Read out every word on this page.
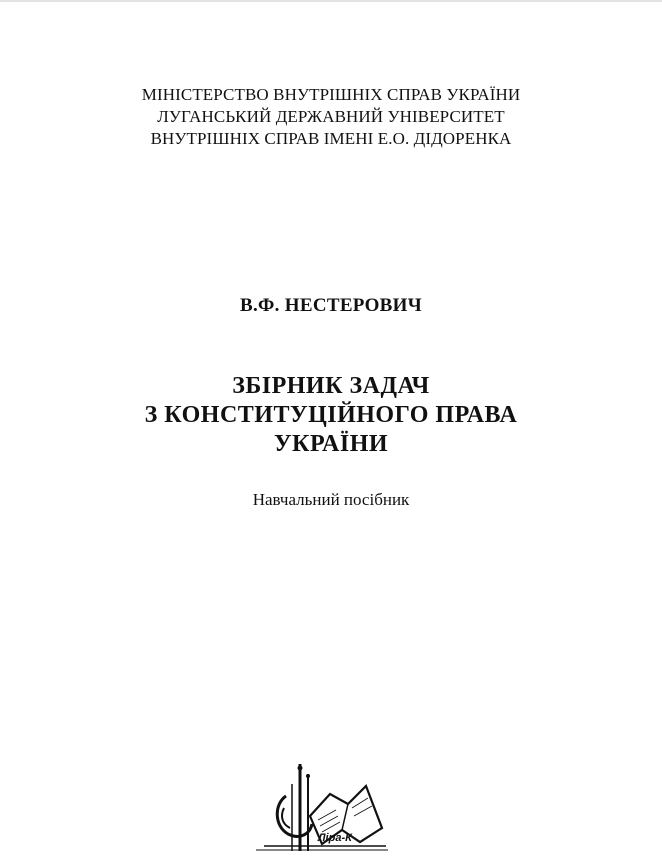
МІНІСТЕРСТВО ВНУТРІШНІХ СПРАВ УКРАЇНИ
ЛУГАНСЬКИЙ ДЕРЖАВНИЙ УНІВЕРСИТЕТ
ВНУТРІШНІХ СПРАВ ІМЕНІ Е.О. ДІДОРЕНКА
В.Ф. НЕСТЕРОВИЧ
ЗБІРНИК ЗАДАЧ
З КОНСТИТУЦІЙНОГО ПРАВА
УКРАЇНИ
Навчальний посібник
Ліра-К
